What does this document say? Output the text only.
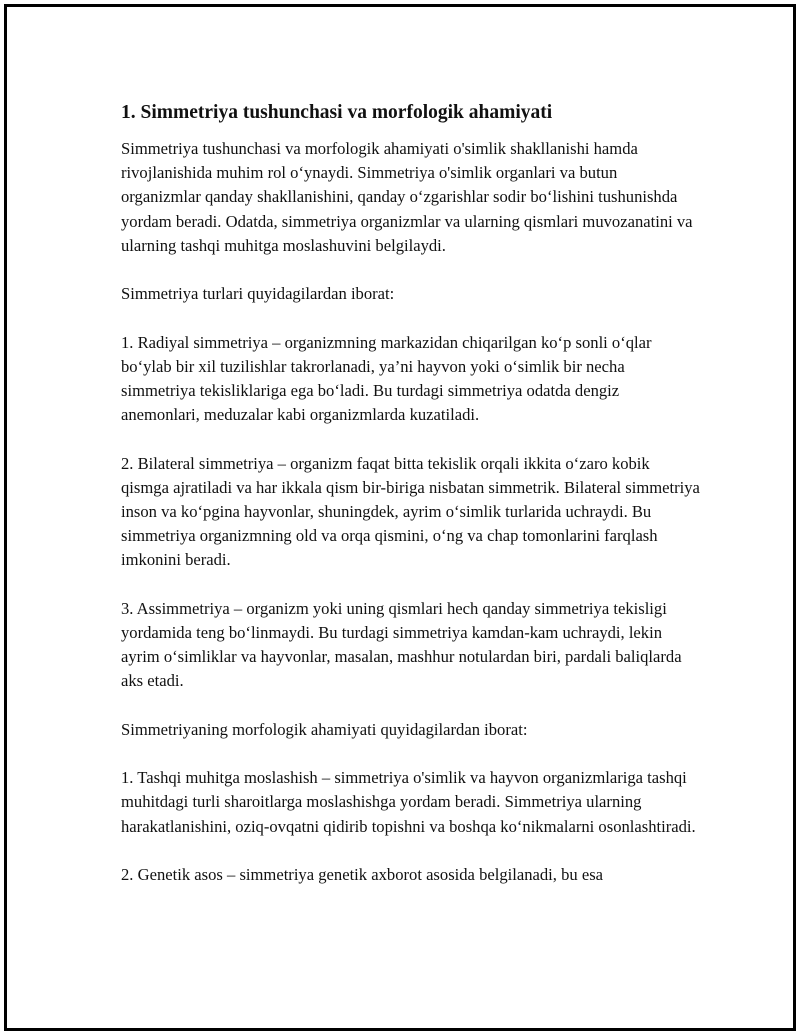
1. Simmetriya tushunchasi va morfologik ahamiyati

Simmetriya tushunchasi va morfologik ahamiyati o'simlik shakllanishi hamda rivojlanishida muhim rol o‘ynaydi. Simmetriya o'simlik organlari va butun organizmlar qanday shakllanishini, qanday o‘zgarishlar sodir bo‘lishini tushunishda yordam beradi. Odatda, simmetriya organizmlar va ularning qismlari muvozanatini va ularning tashqi muhitga moslashuvini belgilaydi.

Simmetriya turlari quyidagilardan iborat:

1. Radiyal simmetriya – organizmning markazidan chiqarilgan ko‘p sonli o‘qlar bo‘ylab bir xil tuzilishlar takrorlanadi, ya’ni hayvon yoki o‘simlik bir necha simmetriya tekisliklariga ega bo‘ladi. Bu turdagi simmetriya odatda dengiz anemonlari, meduzalar kabi organizmlarda kuzatiladi.

2. Bilateral simmetriya – organizm faqat bitta tekislik orqali ikkita o‘zaro kobik qismga ajratiladi va har ikkala qism bir-biriga nisbatan simmetrik. Bilateral simmetriya inson va ko‘pgina hayvonlar, shuningdek, ayrim o‘simlik turlarida uchraydi. Bu simmetriya organizmning old va orqa qismini, o‘ng va chap tomonlarini farqlash imkonini beradi.

3. Assimmetriya – organizm yoki uning qismlari hech qanday simmetriya tekisligi yordamida teng bo‘linmaydi. Bu turdagi simmetriya kamdan-kam uchraydi, lekin ayrim o‘simliklar va hayvonlar, masalan, mashhur notulardan biri, pardali baliqlarda aks etadi.

Simmetriyaning morfologik ahamiyati quyidagilardan iborat:

1. Tashqi muhitga moslashish – simmetriya o'simlik va hayvon organizmlariga tashqi muhitdagi turli sharoitlarga moslashishga yordam beradi. Simmetriya ularning harakatlanishini, oziq-ovqatni qidirib topishni va boshqa ko‘nikmalarni osonlashtiradi.

2. Genetik asos – simmetriya genetik axborot asosida belgilanadi, bu esa
